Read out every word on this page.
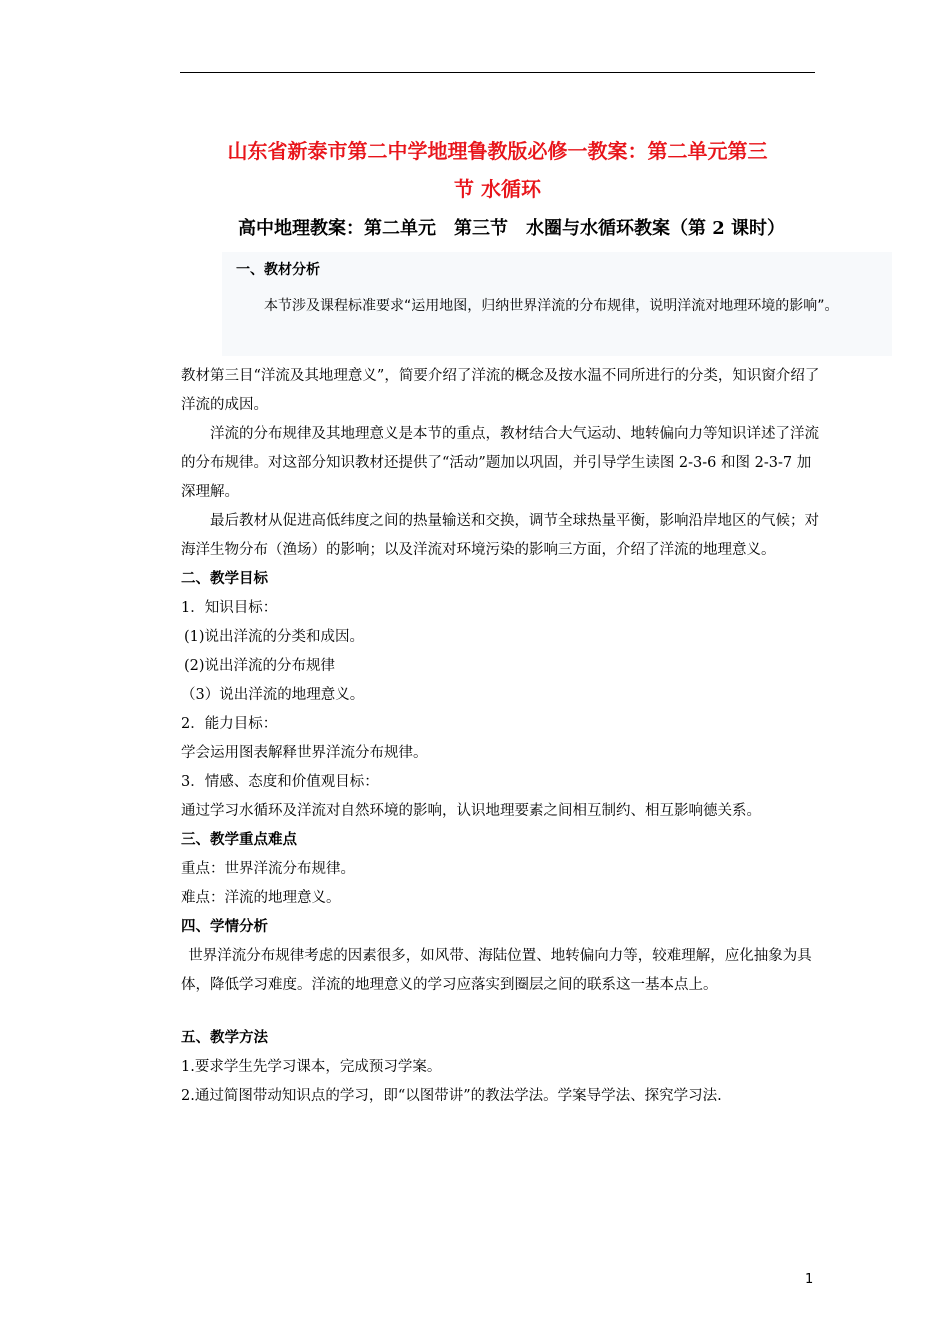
山东省新泰市第二中学地理鲁教版必修一教案：第二单元第三
节 水循环
高中地理教案：第二单元　第三节　水圈与水循环教案（第 2 课时）
一、教材分析
本节涉及课程标准要求“运用地图，归纳世界洋流的分布规律，说明洋流对地理环境的影响”。

教材第三目“洋流及其地理意义”，简要介绍了洋流的概念及按水温不同所进行的分类，知识窗介绍了洋流的成因。

洋流的分布规律及其地理意义是本节的重点，教材结合大气运动、地转偏向力等知识详述了洋流的分布规律。对这部分知识教材还提供了“活动”题加以巩固，并引导学生读图 2-3-6 和图 2-3-7 加深理解。

最后教材从促进高低纬度之间的热量输送和交换，调节全球热量平衡，影响沿岸地区的气候；对海洋生物分布（渔场）的影响；以及洋流对环境污染的影响三方面，介绍了洋流的地理意义。

二、教学目标

1．知识目标：

(1)说出洋流的分类和成因。

(2)说出洋流的分布规律

（3）说出洋流的地理意义。

2．能力目标：

学会运用图表解释世界洋流分布规律。

3．情感、态度和价值观目标：

通过学习水循环及洋流对自然环境的影响，认识地理要素之间相互制约、相互影响德关系。

三、教学重点难点

重点：世界洋流分布规律。

难点：洋流的地理意义。

四、学情分析

世界洋流分布规律考虑的因素很多，如风带、海陆位置、地转偏向力等，较难理解，应化抽象为具体，降低学习难度。洋流的地理意义的学习应落实到圈层之间的联系这一基本点上。

五、教学方法

1.要求学生先学习课本，完成预习学案。

2.通过简图带动知识点的学习，即“以图带讲”的教法学法。学案导学法、探究学习法.

1
